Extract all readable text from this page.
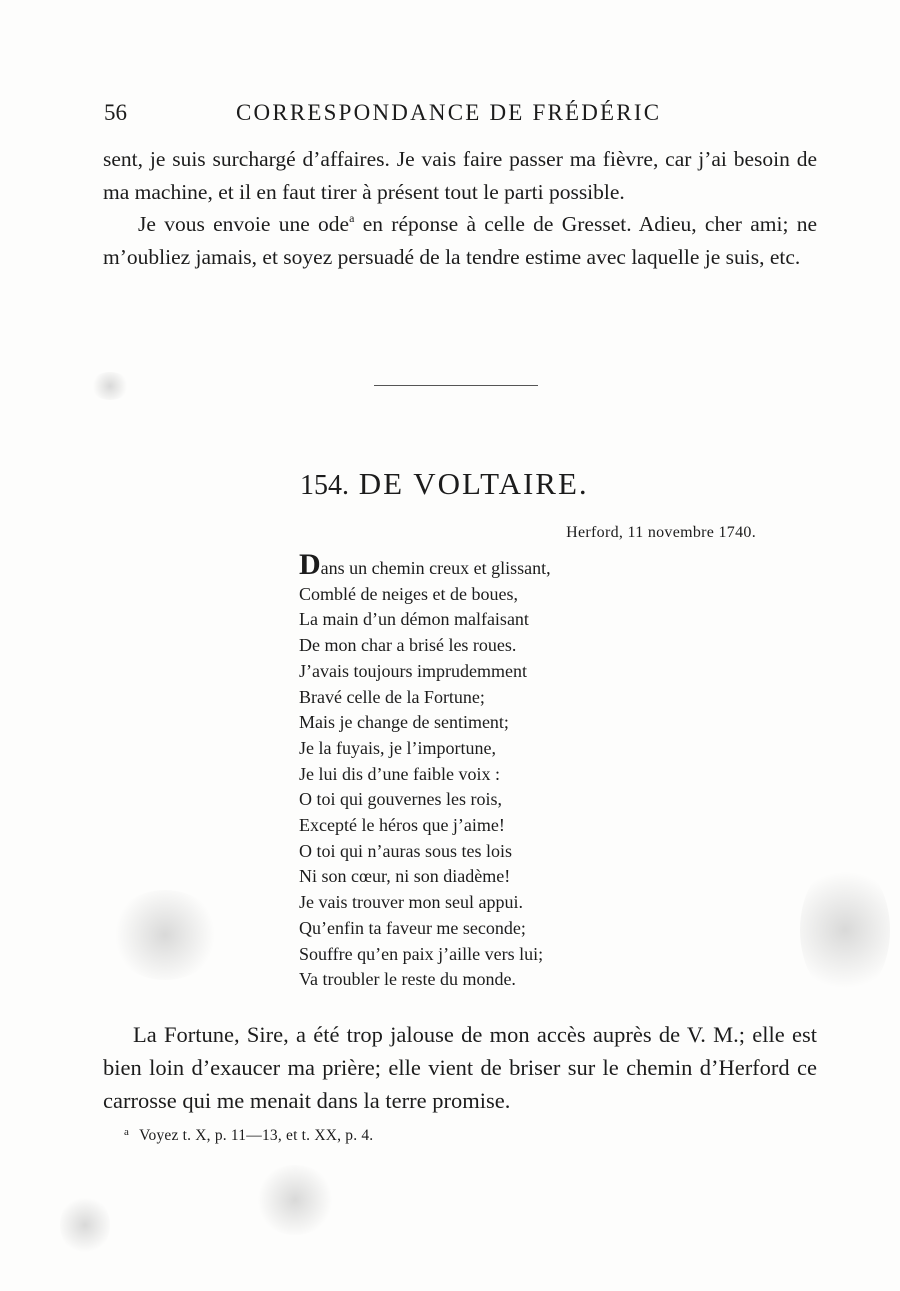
56	CORRESPONDANCE DE FRÉDÉRIC

sent, je suis surchargé d’affaires. Je vais faire passer ma fièvre, car j’ai besoin de ma machine, et il en faut tirer à présent tout le parti possible.

Je vous envoie une ode$^a$ en réponse à celle de Gresset. Adieu, cher ami; ne m’oubliez jamais, et soyez persuadé de la tendre estime avec laquelle je suis, etc.

154. DE VOLTAIRE.
Herford, 11 novembre 1740.
Dans un chemin creux et glissant,
Comblé de neiges et de boues,
La main d’un démon malfaisant
De mon char a brisé les roues.
J’avais toujours imprudemment
Bravé celle de la Fortune;
Mais je change de sentiment;
Je la fuyais, je l’importune,
Je lui dis d’une faible voix :
O toi qui gouvernes les rois,
Excepté le héros que j’aime!
O toi qui n’auras sous tes lois
Ni son cœur, ni son diadème!
Je vais trouver mon seul appui.
Qu’enfin ta faveur me seconde;
Souffre qu’en paix j’aille vers lui;
Va troubler le reste du monde.

La Fortune, Sire, a été trop jalouse de mon accès auprès de V. M.; elle est bien loin d’exaucer ma prière; elle vient de briser sur le chemin d’Herford ce carrosse qui me menait dans la terre promise.

$^a$ Voyez t. X, p. 11—13, et t. XX, p. 4.
